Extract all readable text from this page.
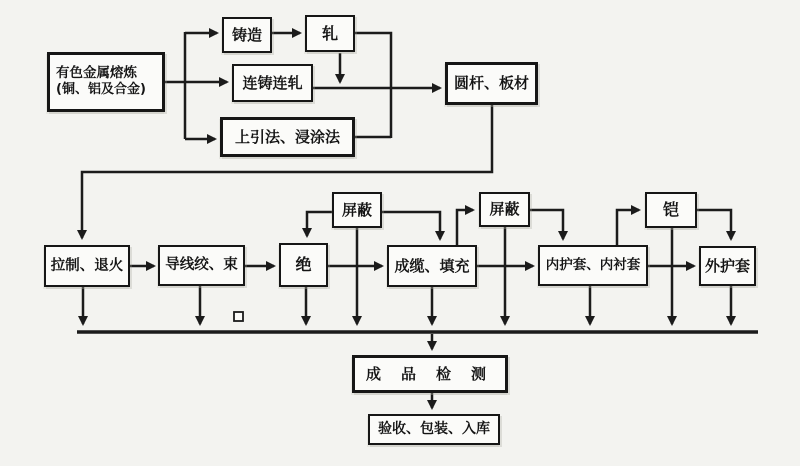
有色金属熔炼
(铜、铝及合金)
铸造	轧
连铸连轧
上引法、浸涂法
圆杆、板材
拉制、退火	导线绞、束	绝
屏蔽
成缆、填充
屏蔽
内护套、内衬套
铠
外护套
成品检测
验收、包装、入库
